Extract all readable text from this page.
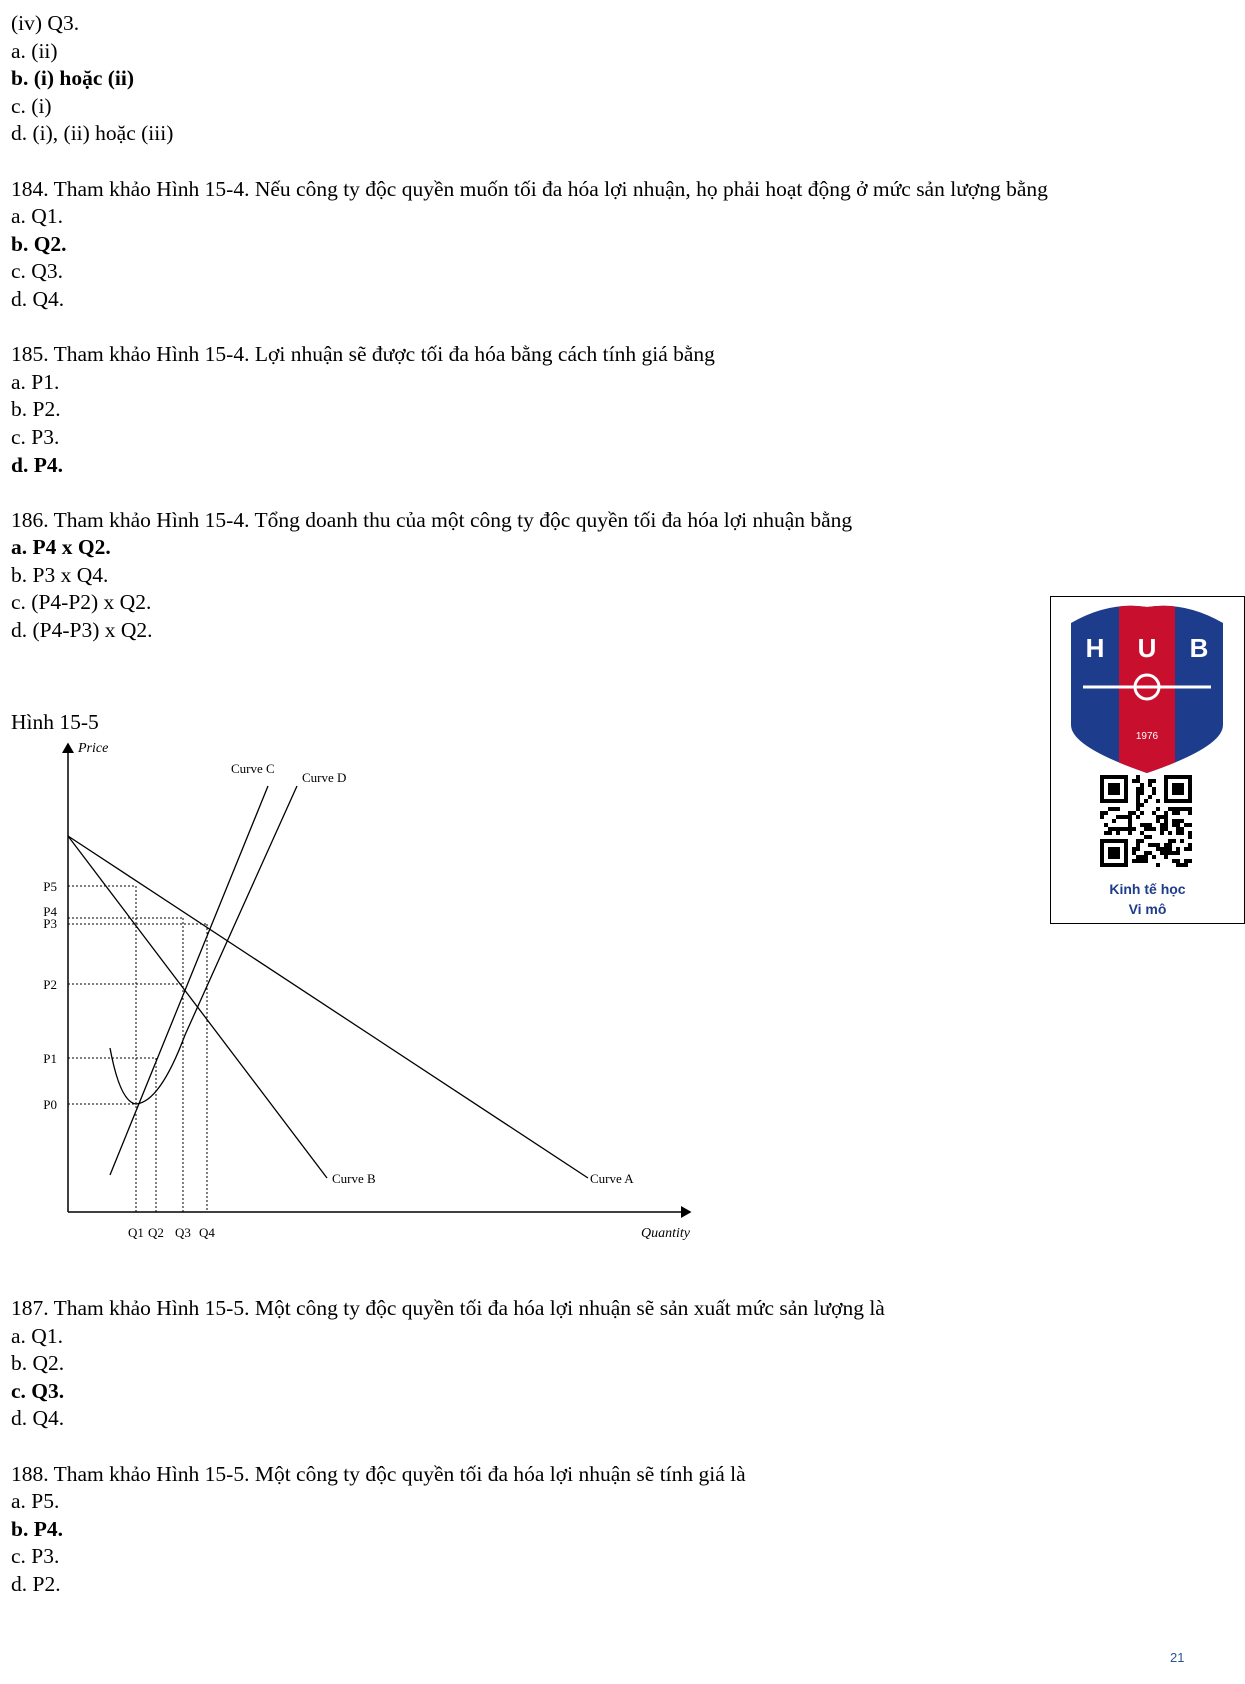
(iv) Q3.
a. (ii)
b. (i) hoặc (ii)
c. (i)
d. (i), (ii) hoặc (iii)
184. Tham khảo Hình 15-4. Nếu công ty độc quyền muốn tối đa hóa lợi nhuận, họ phải hoạt động ở mức sản lượng bằng
a. Q1.
b. Q2.
c. Q3.
d. Q4.
185. Tham khảo Hình 15-4. Lợi nhuận sẽ được tối đa hóa bằng cách tính giá bằng
a. P1.
b. P2.
c. P3.
d. P4.
186. Tham khảo Hình 15-4. Tổng doanh thu của một công ty độc quyền tối đa hóa lợi nhuận bằng
a. P4 x Q2.
b. P3 x Q4.
c. (P4-P2) x Q2.
d. (P4-P3) x Q2.
Hình 15-5
Price
Quantity
P5
P4
P3
P2
P1
P0
Q1 Q2 Q3 Q4
Curve A
Curve B
Curve C
Curve D
187. Tham khảo Hình 15-5. Một công ty độc quyền tối đa hóa lợi nhuận sẽ sản xuất mức sản lượng là
a. Q1.
b. Q2.
c. Q3.
d. Q4.
188. Tham khảo Hình 15-5. Một công ty độc quyền tối đa hóa lợi nhuận sẽ tính giá là
a. P5.
b. P4.
c. P3.
d. P2.
H U B
1976
Kinh tế học
Vi mô
21
